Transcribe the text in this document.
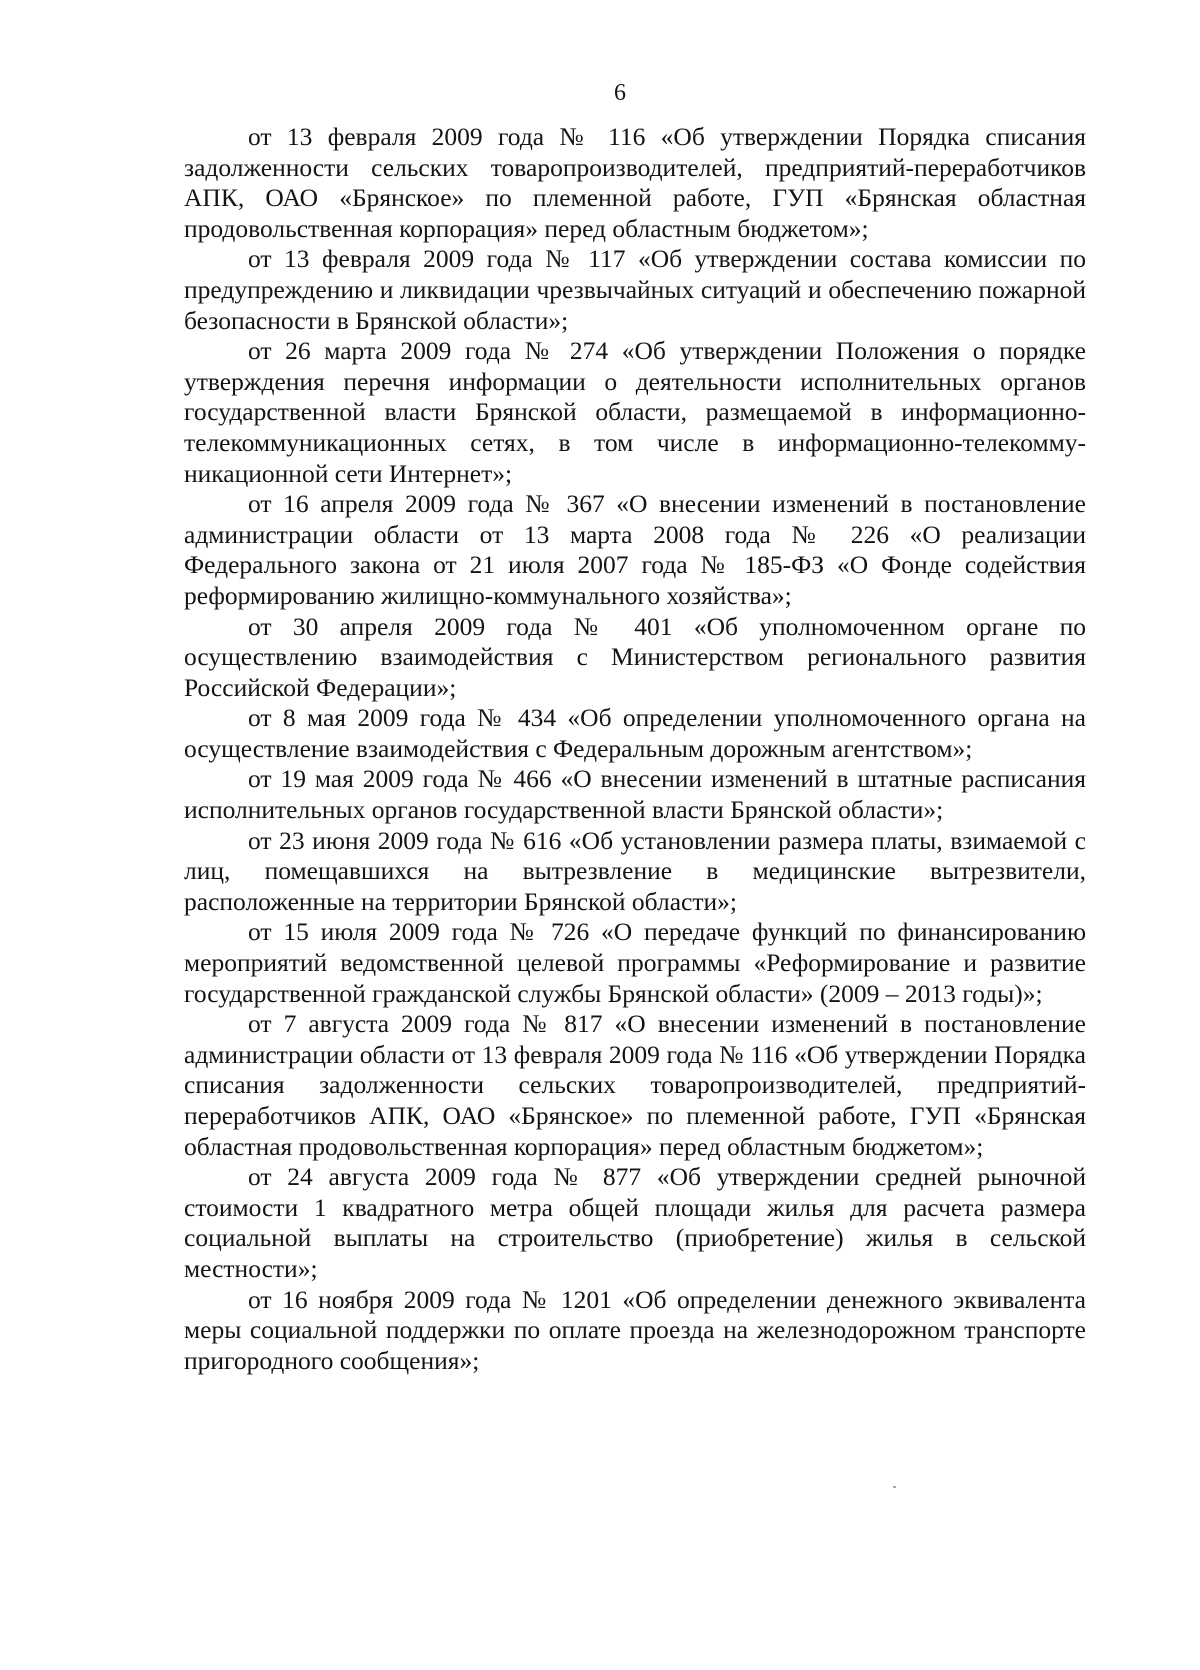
6

от 13 февраля 2009 года № 116 «Об утверждении Порядка списания задолженности сельских товаропроизводителей, предприятий-переработчиков АПК, ОАО «Брянское» по племенной работе, ГУП «Брянская областная продовольственная корпорация» перед областным бюджетом»;

от 13 февраля 2009 года № 117 «Об утверждении состава комиссии по предупреждению и ликвидации чрезвычайных ситуаций и обеспечению пожарной безопасности в Брянской области»;

от 26 марта 2009 года № 274 «Об утверждении Положения о порядке утверждения перечня информации о деятельности исполнительных органов государственной власти Брянской области, размещаемой в информационно-телекоммуникационных сетях, в том числе в информационно-телекоммуникационной сети Интернет»;

от 16 апреля 2009 года № 367 «О внесении изменений в постановление администрации области от 13 марта 2008 года № 226 «О реализации Федерального закона от 21 июля 2007 года № 185-ФЗ «О Фонде содействия реформированию жилищно-коммунального хозяйства»;

от 30 апреля 2009 года № 401 «Об уполномоченном органе по осуществлению взаимодействия с Министерством регионального развития Российской Федерации»;

от 8 мая 2009 года № 434 «Об определении уполномоченного органа на осуществление взаимодействия с Федеральным дорожным агентством»;

от 19 мая 2009 года № 466 «О внесении изменений в штатные расписания исполнительных органов государственной власти Брянской области»;

от 23 июня 2009 года № 616 «Об установлении размера платы, взимаемой с лиц, помещавшихся на вытрезвление в медицинские вытрезвители, расположенные на территории Брянской области»;

от 15 июля 2009 года № 726 «О передаче функций по финансированию мероприятий ведомственной целевой программы «Реформирование и развитие государственной гражданской службы Брянской области» (2009 – 2013 годы)»;

от 7 августа 2009 года № 817 «О внесении изменений в постановление администрации области от 13 февраля 2009 года № 116 «Об утверждении Порядка списания задолженности сельских товаропроизводителей, предприятий-переработчиков АПК, ОАО «Брянское» по племенной работе, ГУП «Брянская областная продовольственная корпорация» перед областным бюджетом»;

от 24 августа 2009 года № 877 «Об утверждении средней рыночной стоимости 1 квадратного метра общей площади жилья для расчета размера социальной выплаты на строительство (приобретение) жилья в сельской местности»;

от 16 ноября 2009 года № 1201 «Об определении денежного эквивалента меры социальной поддержки по оплате проезда на железнодорожном транспорте пригородного сообщения»;
